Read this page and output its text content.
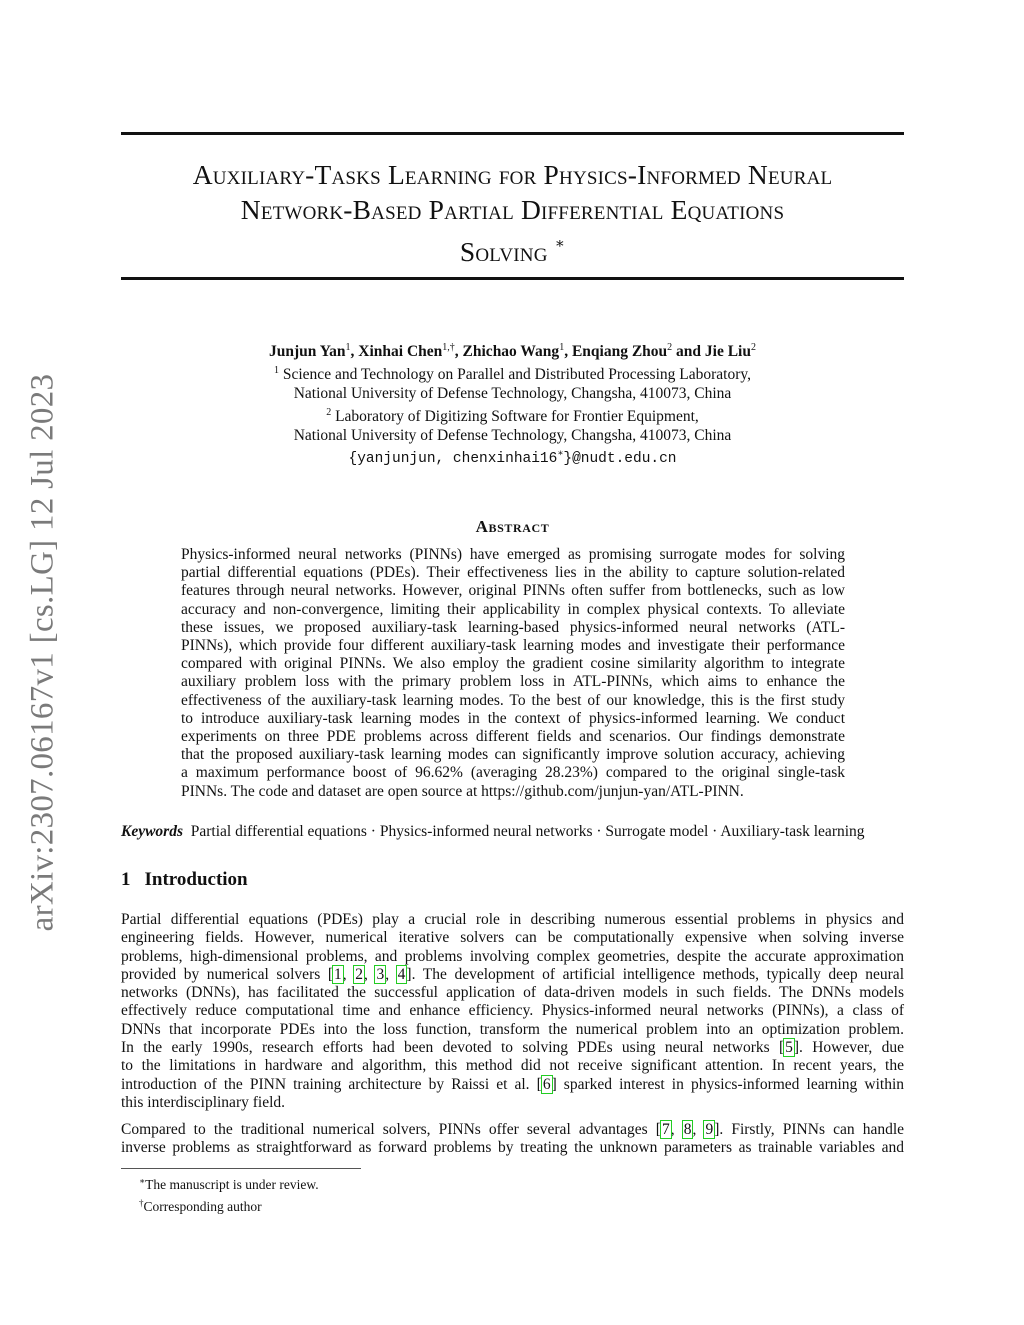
arXiv:2307.06167v1 [cs.LG] 12 Jul 2023
Auxiliary-Tasks Learning for Physics-Informed Neural
Network-Based Partial Differential Equations
Solving ∗
Junjun Yan$^1$, Xinhai Chen$^{1,\dagger}$, Zhichao Wang$^1$, Enqiang Zhou$^2$ and Jie Liu$^2$
$^1$ Science and Technology on Parallel and Distributed Processing Laboratory,
National University of Defense Technology, Changsha, 410073, China
$^2$ Laboratory of Digitizing Software for Frontier Equipment,
National University of Defense Technology, Changsha, 410073, China
{yanjunjun, chenxinhai16∗}@nudt.edu.cn
Abstract
Physics-informed neural networks (PINNs) have emerged as promising surrogate modes for solving
partial differential equations (PDEs). Their effectiveness lies in the ability to capture solution-related
features through neural networks. However, original PINNs often suffer from bottlenecks, such as low
accuracy and non-convergence, limiting their applicability in complex physical contexts. To alleviate
these issues, we proposed auxiliary-task learning-based physics-informed neural networks (ATL-
PINNs), which provide four different auxiliary-task learning modes and investigate their performance
compared with original PINNs. We also employ the gradient cosine similarity algorithm to integrate
auxiliary problem loss with the primary problem loss in ATL-PINNs, which aims to enhance the
effectiveness of the auxiliary-task learning modes. To the best of our knowledge, this is the first study
to introduce auxiliary-task learning modes in the context of physics-informed learning. We conduct
experiments on three PDE problems across different fields and scenarios. Our findings demonstrate
that the proposed auxiliary-task learning modes can significantly improve solution accuracy, achieving
a maximum performance boost of 96.62% (averaging 28.23%) compared to the original single-task
PINNs. The code and dataset are open source at https://github.com/junjun-yan/ATL-PINN.
Keywords Partial differential equations · Physics-informed neural networks · Surrogate model · Auxiliary-task learning
1 Introduction
Partial differential equations (PDEs) play a crucial role in describing numerous essential problems in physics and
engineering fields. However, numerical iterative solvers can be computationally expensive when solving inverse
problems, high-dimensional problems, and problems involving complex geometries, despite the accurate approximation
provided by numerical solvers [1, 2, 3, 4]. The development of artificial intelligence methods, typically deep neural
networks (DNNs), has facilitated the successful application of data-driven models in such fields. The DNNs models
effectively reduce computational time and enhance efficiency. Physics-informed neural networks (PINNs), a class of
DNNs that incorporate PDEs into the loss function, transform the numerical problem into an optimization problem.
In the early 1990s, research efforts had been devoted to solving PDEs using neural networks [5]. However, due
to the limitations in hardware and algorithm, this method did not receive significant attention. In recent years, the
introduction of the PINN training architecture by Raissi et al. [6] sparked interest in physics-informed learning within
this interdisciplinary field.
Compared to the traditional numerical solvers, PINNs offer several advantages [7, 8, 9]. Firstly, PINNs can handle
inverse problems as straightforward as forward problems by treating the unknown parameters as trainable variables and
∗The manuscript is under review.
†Corresponding author
